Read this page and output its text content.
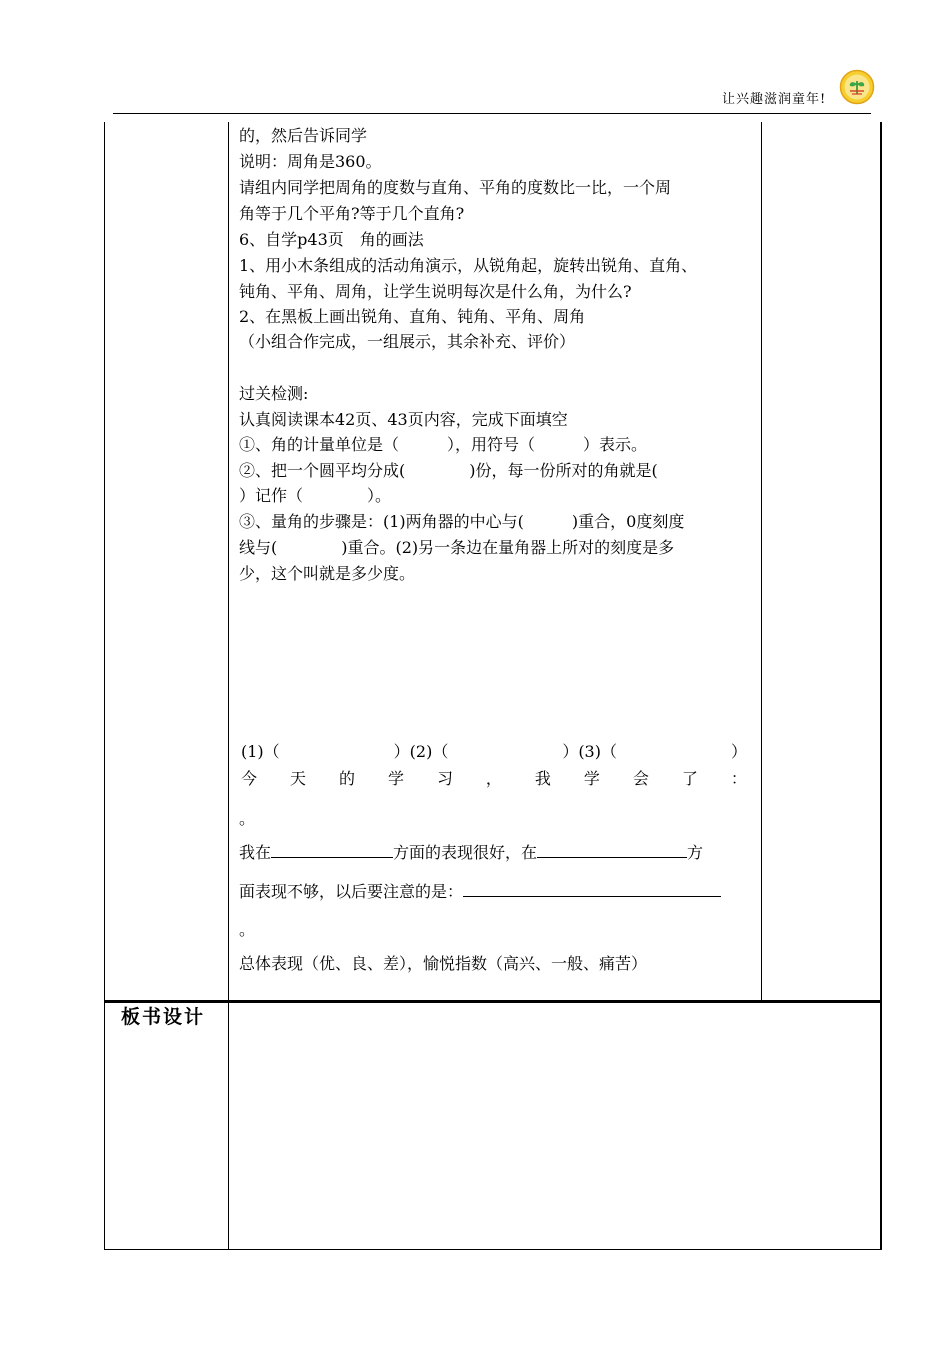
让兴趣滋润童年!
的，然后告诉同学
说明：周角是360。
请组内同学把周角的度数与直角、平角的度数比一比，一个周
角等于几个平角?等于几个直角?
6、自学p43页　角的画法
1、用小木条组成的活动角演示，从锐角起，旋转出锐角、直角、
钝角、平角、周角，让学生说明每次是什么角，为什么?
2、在黑板上画出锐角、直角、钝角、平角、周角
（小组合作完成，一组展示，其余补充、评价）
过关检测:
认真阅读课本42页、43页内容，完成下面填空
①、角的计量单位是（　　　），用符号（　　　）表示。
②、把一个圆平均分成(　　　　)份，每一份所对的角就是(
）记作（　　　　）。
③、量角的步骤是：(1)两角器的中心与(　　　)重合，0度刻度
线与(　　　　)重合。(2)另一条边在量角器上所对的刻度是多
少，这个叫就是多少度。
(1)（	）(2)（	）(3)（	）
今 天 的 学 习 ， 我 学 会 了 ：
。
我在	方面的表现很好，在	方
面表现不够，以后要注意的是：
。
总体表现（优、良、差），愉悦指数（高兴、一般、痛苦）
板书设计
